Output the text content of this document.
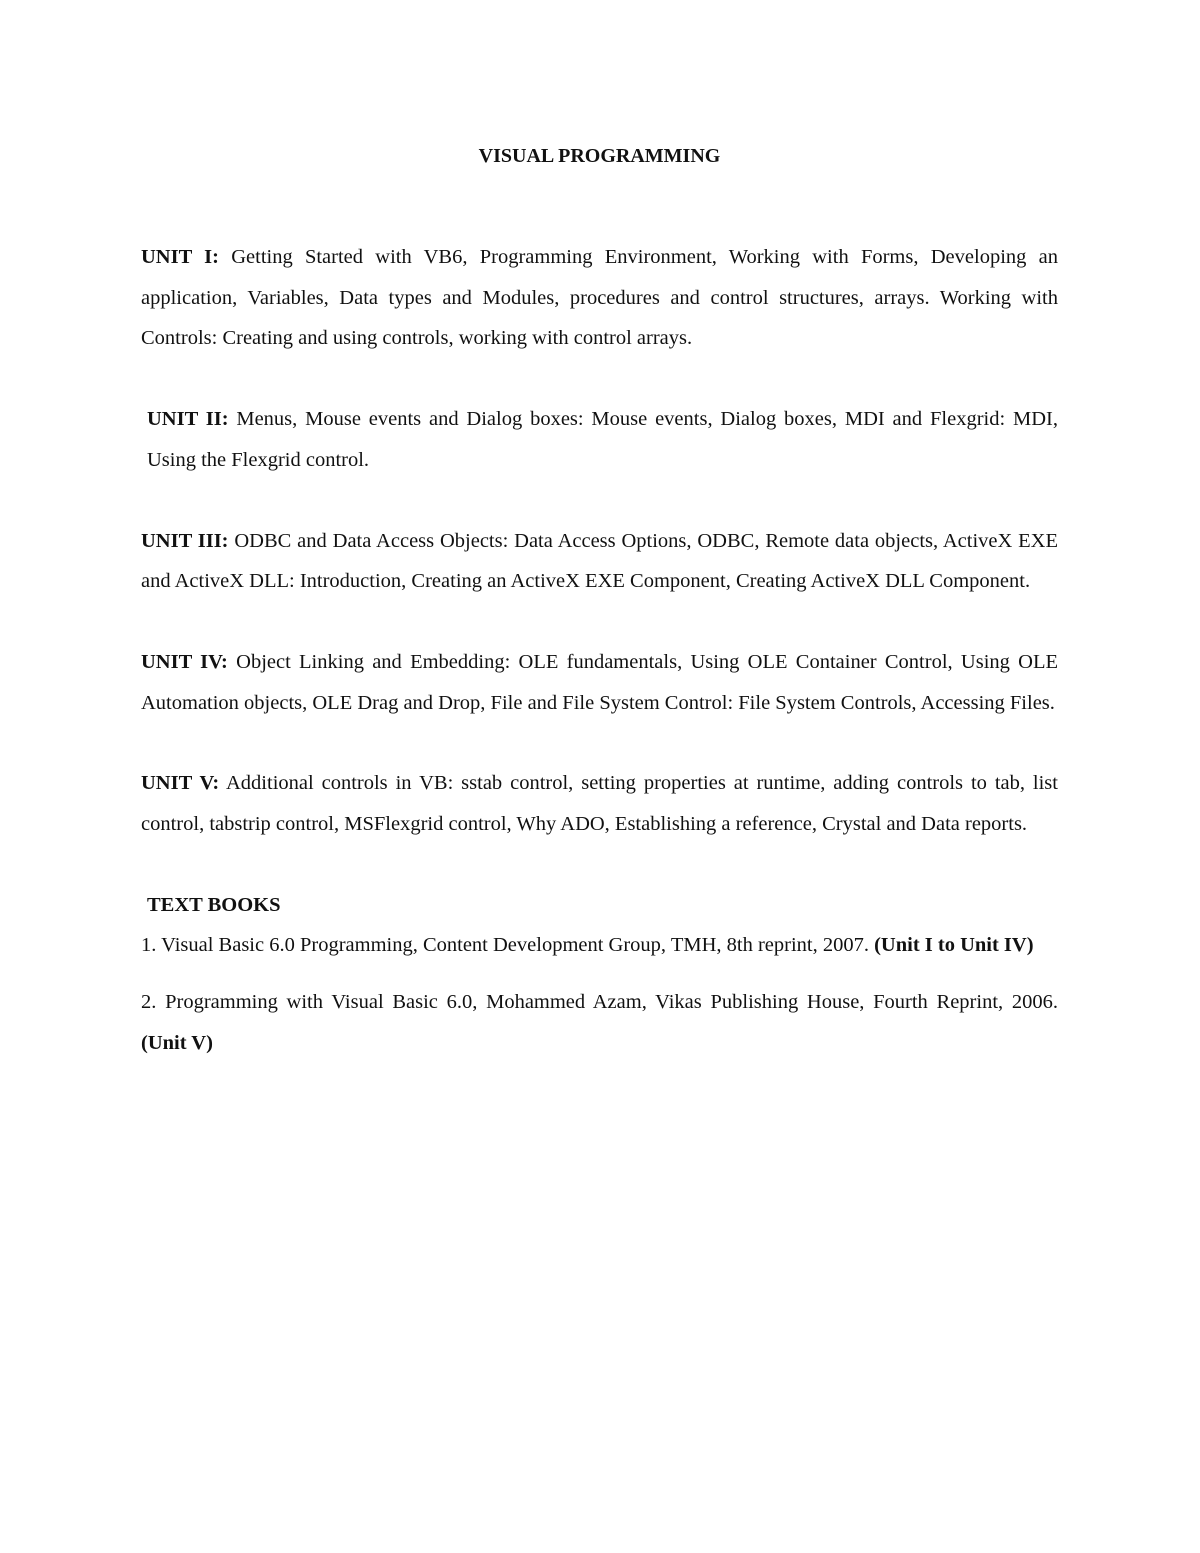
VISUAL PROGRAMMING

UNIT I: Getting Started with VB6, Programming Environment, Working with Forms, Developing an application, Variables, Data types and Modules, procedures and control structures, arrays. Working with Controls: Creating and using controls, working with control arrays.

UNIT II: Menus, Mouse events and Dialog boxes: Mouse events, Dialog boxes, MDI and Flexgrid: MDI, Using the Flexgrid control.

UNIT III: ODBC and Data Access Objects: Data Access Options, ODBC, Remote data objects, ActiveX EXE and ActiveX DLL: Introduction, Creating an ActiveX EXE Component, Creating ActiveX DLL Component.

UNIT IV: Object Linking and Embedding: OLE fundamentals, Using OLE Container Control, Using OLE Automation objects, OLE Drag and Drop, File and File System Control: File System Controls, Accessing Files.

UNIT V: Additional controls in VB: sstab control, setting properties at runtime, adding controls to tab, list control, tabstrip control, MSFlexgrid control, Why ADO, Establishing a reference, Crystal and Data reports.

TEXT BOOKS

1. Visual Basic 6.0 Programming, Content Development Group, TMH, 8th reprint, 2007. (Unit I to Unit IV)

2. Programming with Visual Basic 6.0, Mohammed Azam, Vikas Publishing House, Fourth Reprint, 2006. (Unit V)
